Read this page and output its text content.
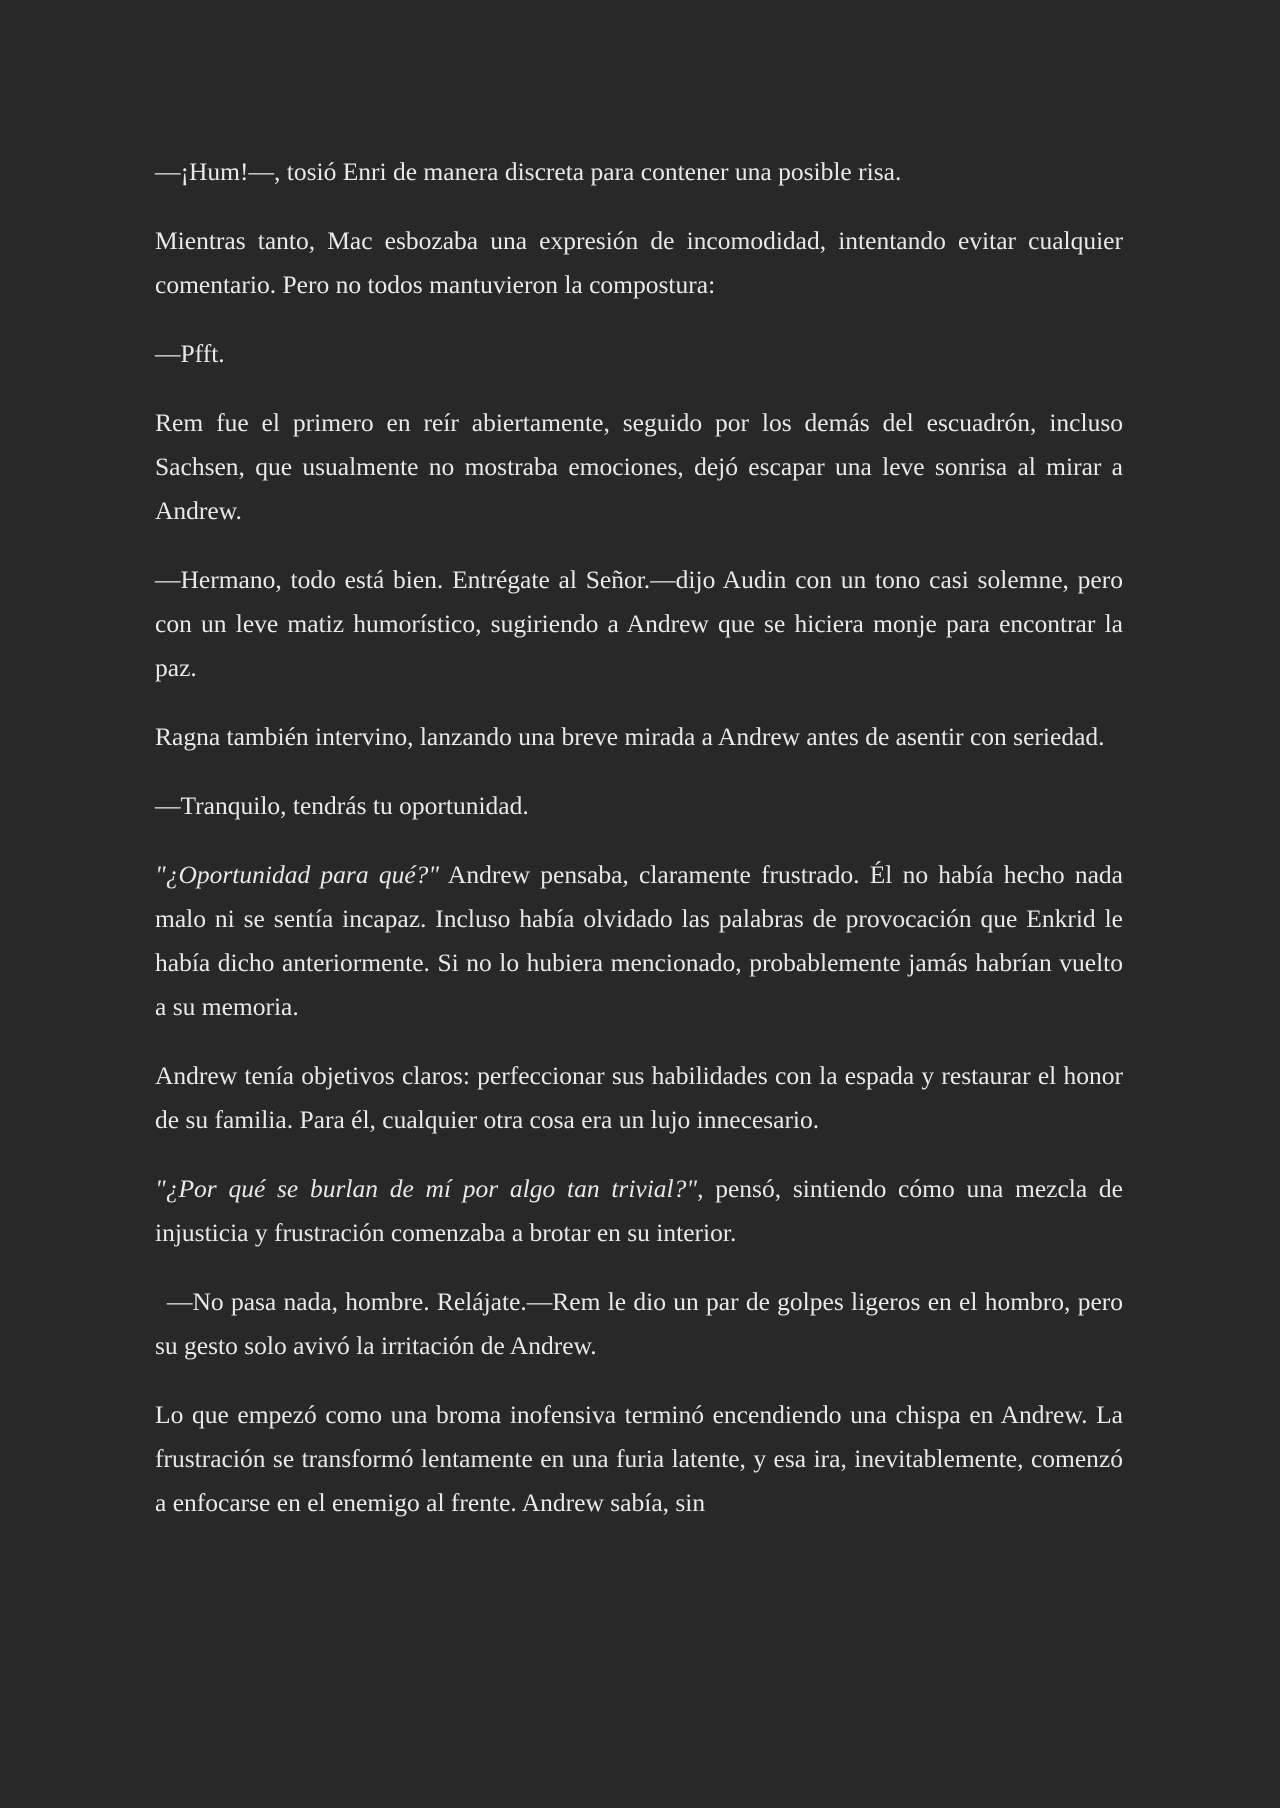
—¡Hum!—, tosió Enri de manera discreta para contener una posible risa.

Mientras tanto, Mac esbozaba una expresión de incomodidad, intentando evitar cualquier comentario. Pero no todos mantuvieron la compostura:

—Pfft.

Rem fue el primero en reír abiertamente, seguido por los demás del escuadrón, incluso Sachsen, que usualmente no mostraba emociones, dejó escapar una leve sonrisa al mirar a Andrew.

—Hermano, todo está bien. Entrégate al Señor.—dijo Audin con un tono casi solemne, pero con un leve matiz humorístico, sugiriendo a Andrew que se hiciera monje para encontrar la paz.

Ragna también intervino, lanzando una breve mirada a Andrew antes de asentir con seriedad.

—Tranquilo, tendrás tu oportunidad.

"¿Oportunidad para qué?" Andrew pensaba, claramente frustrado. Él no había hecho nada malo ni se sentía incapaz. Incluso había olvidado las palabras de provocación que Enkrid le había dicho anteriormente. Si no lo hubiera mencionado, probablemente jamás habrían vuelto a su memoria.

Andrew tenía objetivos claros: perfeccionar sus habilidades con la espada y restaurar el honor de su familia. Para él, cualquier otra cosa era un lujo innecesario.

"¿Por qué se burlan de mí por algo tan trivial?", pensó, sintiendo cómo una mezcla de injusticia y frustración comenzaba a brotar en su interior.

—No pasa nada, hombre. Relájate.—Rem le dio un par de golpes ligeros en el hombro, pero su gesto solo avivó la irritación de Andrew.

Lo que empezó como una broma inofensiva terminó encendiendo una chispa en Andrew. La frustración se transformó lentamente en una furia latente, y esa ira, inevitablemente, comenzó a enfocarse en el enemigo al frente. Andrew sabía, sin
